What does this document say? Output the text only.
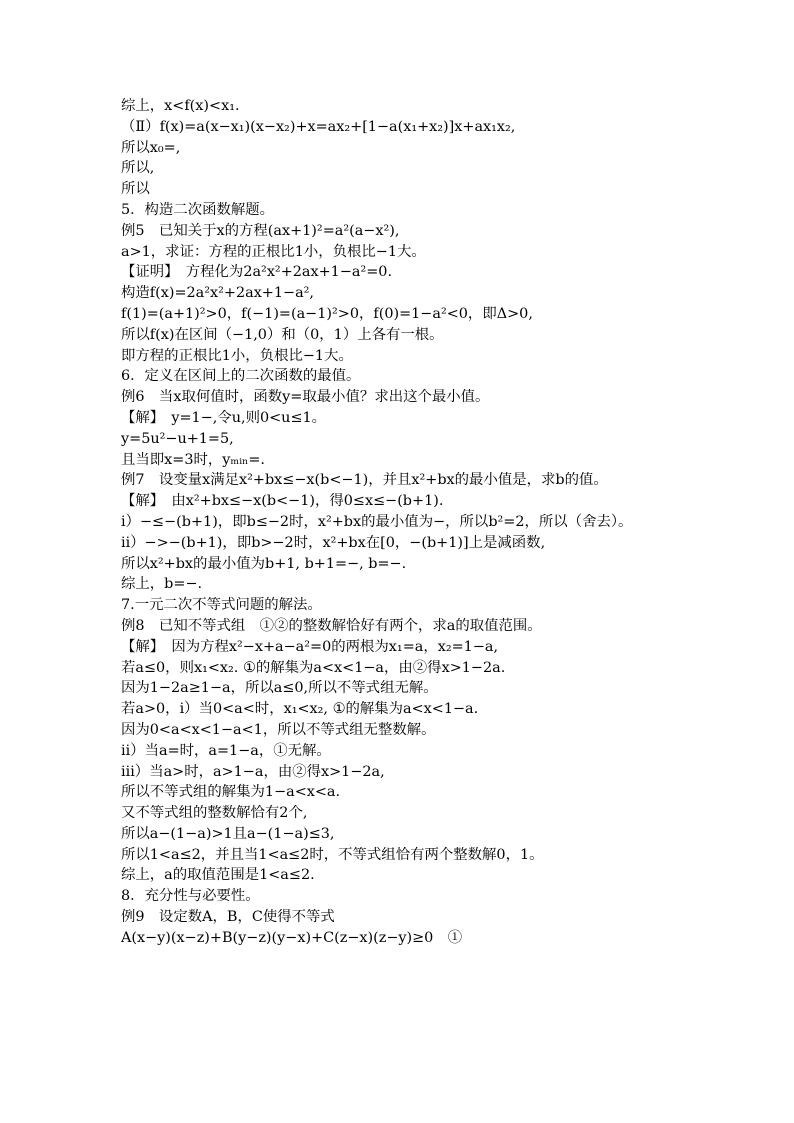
综上，x<f(x)<x₁.
（Ⅱ）f(x)=a(x−x₁)(x−x₂)+x=ax₂+[1−a(x₁+x₂)]x+ax₁x₂,
所以x₀=,
所以,
所以
5．构造二次函数解题。
例5　已知关于x的方程(ax+1)²=a²(a−x²),
a>1，求证：方程的正根比1小，负根比−1大。
【证明】　方程化为2a²x²+2ax+1−a²=0.
构造f(x)=2a²x²+2ax+1−a²,
f(1)=(a+1)²>0，f(−1)=(a−1)²>0，f(0)=1−a²<0，即Δ>0,
所以f(x)在区间（−1,0）和（0，1）上各有一根。
即方程的正根比1小，负根比−1大。
6．定义在区间上的二次函数的最值。
例6　当x取何值时，函数y=取最小值？求出这个最小值。
【解】　y=1−,令u,则0<u≤1。
y=5u²−u+1=5,
且当即x=3时，yₘᵢₙ=.
例7　设变量x满足x²+bx≤−x(b<−1)，并且x²+bx的最小值是，求b的值。
【解】　由x²+bx≤−x(b<−1)，得0≤x≤−(b+1).
ⅰ）−≤−(b+1)，即b≤−2时，x²+bx的最小值为−，所以b²=2，所以（舍去）。
ⅱ）−>−(b+1)，即b>−2时，x²+bx在[0，−(b+1)]上是减函数,
所以x²+bx的最小值为b+1, b+1=−, b=−.
综上，b=−.
7.一元二次不等式问题的解法。
例8　已知不等式组　①②的整数解恰好有两个，求a的取值范围。
【解】　因为方程x²−x+a−a²=0的两根为x₁=a，x₂=1−a,
若a≤0，则x₁<x₂. ①的解集为a<x<1−a，由②得x>1−2a.
因为1−2a≥1−a，所以a≤0,所以不等式组无解。
若a>0，ⅰ）当0<a<时，x₁<x₂, ①的解集为a<x<1−a.
因为0<a<x<1−a<1，所以不等式组无整数解。
ⅱ）当a=时，a=1−a，①无解。
ⅲ）当a>时，a>1−a，由②得x>1−2a,
所以不等式组的解集为1−a<x<a.
又不等式组的整数解恰有2个,
所以a−(1−a)>1且a−(1−a)≤3,
所以1<a≤2，并且当1<a≤2时，不等式组恰有两个整数解0，1。
综上，a的取值范围是1<a≤2.
8．充分性与必要性。
例9　设定数A，B，C使得不等式
A(x−y)(x−z)+B(y−z)(y−x)+C(z−x)(z−y)≥0　①
